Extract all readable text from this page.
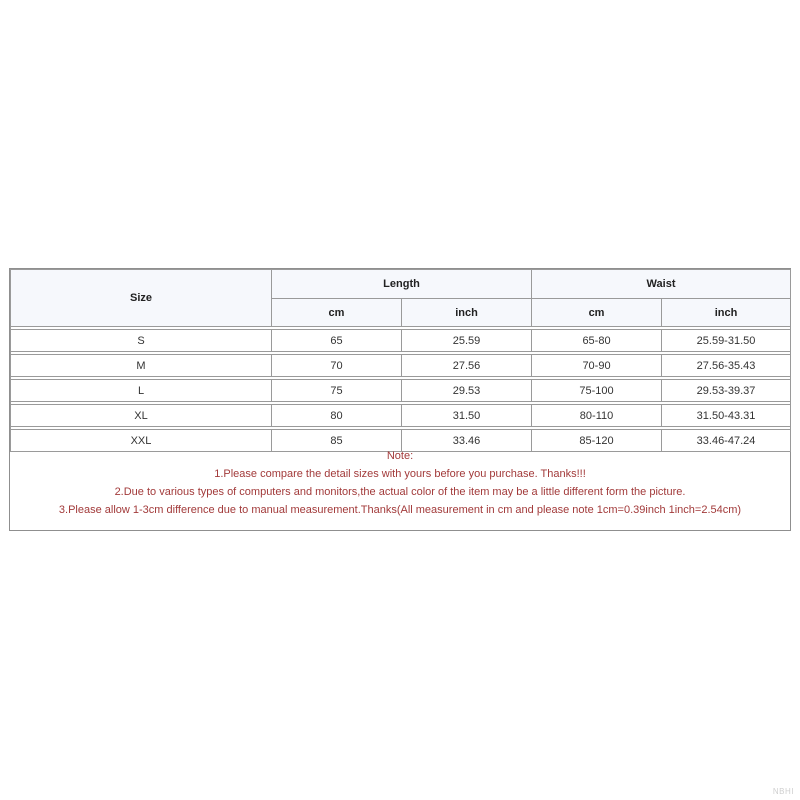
Size	Length		Waist	
	cm	inch	cm	inch

S	65	25.59	65-80	25.59-31.50

M	70	27.56	70-90	27.56-35.43

L	75	29.53	75-100	29.53-39.37

XL	80	31.50	80-110	31.50-43.31

XXL	85	33.46	85-120	33.46-47.24
Note:
1.Please compare the detail sizes with yours before you purchase. Thanks!!!
2.Due to various types of computers and monitors,the actual color of the item may be a little different form the picture.
3.Please allow 1-3cm difference due to manual measurement.Thanks(All measurement in cm and please note 1cm=0.39inch 1inch=2.54cm)
NBHI
